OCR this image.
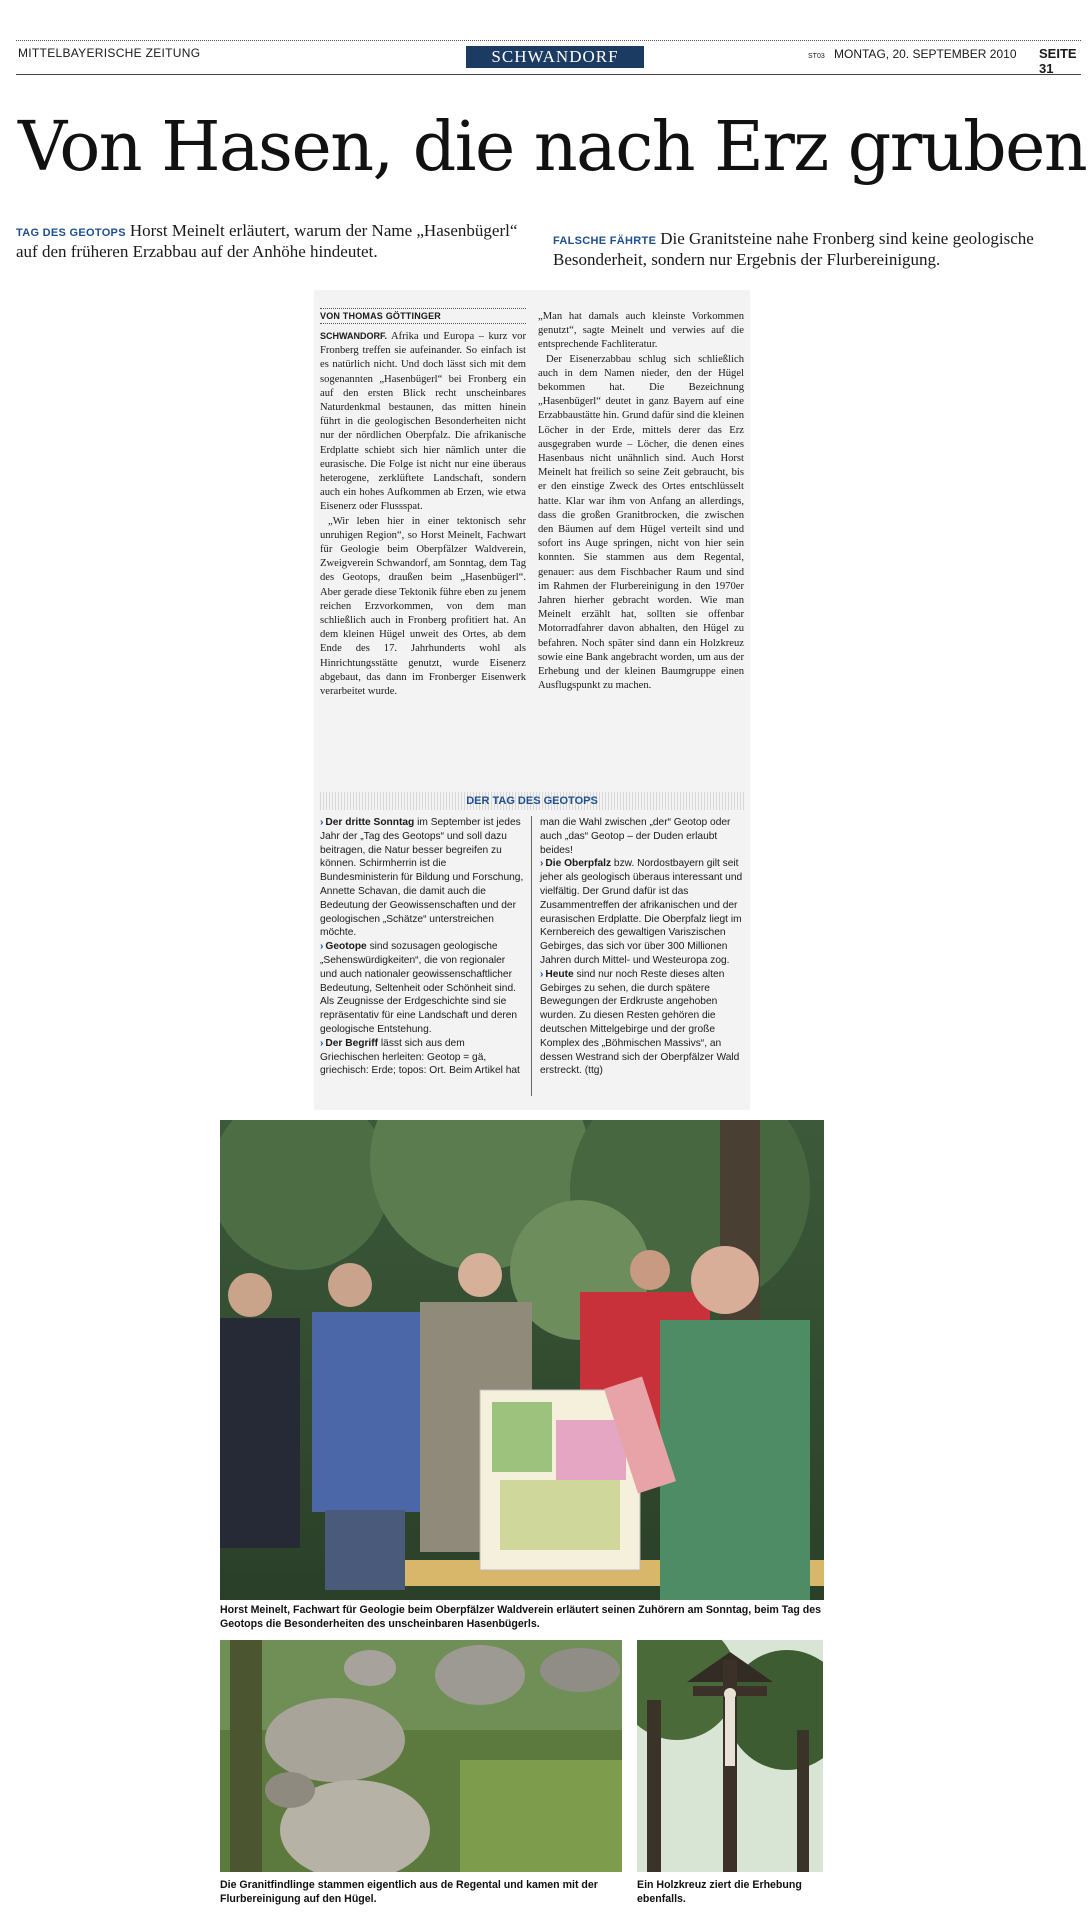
MITTELBAYERISCHE ZEITUNG	SCHWANDORF	ST03 MONTAG, 20. SEPTEMBER 2010 SEITE 31
Von Hasen, die nach Erz gruben
TAG DES GEOTOPS Horst Meinelt erläutert, warum der Name „Hasenbügerl“ auf den früheren Erzabbau auf der Anhöhe hindeutet.
FALSCHE FÄHRTE Die Granitsteine nahe Fronberg sind keine geologische Besonderheit, sondern nur Ergebnis der Flurbereinigung.
VON THOMAS GÖTTINGER

SCHWANDORF. Afrika und Europa – kurz vor Fronberg treffen sie aufeinander. So einfach ist es natürlich nicht. Und doch lässt sich mit dem sogenannten „Hasenbügerl“ bei Fronberg ein auf den ersten Blick recht unscheinbares Naturdenkmal bestaunen, das mitten hinein führt in die geologischen Besonderheiten nicht nur der nördlichen Oberpfalz. Die afrikanische Erdplatte schiebt sich hier nämlich unter die eurasische. Die Folge ist nicht nur eine überaus heterogene, zerklüftete Landschaft, sondern auch ein hohes Aufkommen ab Erzen, wie etwa Eisenerz oder Flussspat.

„Wir leben hier in einer tektonisch sehr unruhigen Region“, so Horst Meinelt, Fachwart für Geologie beim Oberpfälzer Waldverein, Zweigverein Schwandorf, am Sonntag, dem Tag des Geotops, draußen beim „Hasenbügerl“. Aber gerade diese Tektonik führe eben zu jenem reichen Erzvorkommen, von dem man schließlich auch in Fronberg profitiert hat. An dem kleinen Hügel unweit des Ortes, ab dem Ende des 17. Jahrhunderts wohl als Hinrichtungsstätte genutzt, wurde Eisenerz abgebaut, das dann im Fronberger Eisenwerk verarbeitet wurde.

„Man hat damals auch kleinste Vorkommen genutzt“, sagte Meinelt und verwies auf die entsprechende Fachliteratur.

Der Eisenerzabbau schlug sich schließlich auch in dem Namen nieder, den der Hügel bekommen hat. Die Bezeichnung „Hasenbügerl“ deutet in ganz Bayern auf eine Erzabbaustätte hin. Grund dafür sind die kleinen Löcher in der Erde, mittels derer das Erz ausgegraben wurde – Löcher, die denen eines Hasenbaus nicht unähnlich sind. Auch Horst Meinelt hat freilich so seine Zeit gebraucht, bis er den einstige Zweck des Ortes entschlüsselt hatte. Klar war ihm von Anfang an allerdings, dass die großen Granitbrocken, die zwischen den Bäumen auf dem Hügel verteilt sind und sofort ins Auge springen, nicht von hier sein konnten. Sie stammen aus dem Regental, genauer: aus dem Fischbacher Raum und sind im Rahmen der Flurbereinigung in den 1970er Jahren hierher gebracht worden. Wie man Meinelt erzählt hat, sollten sie offenbar Motorradfahrer davon abhalten, den Hügel zu befahren. Noch später sind dann ein Holzkreuz sowie eine Bank angebracht worden, um aus der Erhebung und der kleinen Baumgruppe einen Ausflugspunkt zu machen.

DER TAG DES GEOTOPS
› Der dritte Sonntag im September ist jedes Jahr der „Tag des Geotops“ und soll dazu beitragen, die Natur besser begreifen zu können. Schirmherrin ist die Bundesministerin für Bildung und Forschung, Annette Schavan, die damit auch die Bedeutung der Geowissenschaften und der geologischen „Schätze“ unterstreichen möchte.
› Geotope sind sozusagen geologische „Sehenswürdigkeiten“, die von regionaler und auch nationaler geowissenschaftlicher Bedeutung, Seltenheit oder Schönheit sind. Als Zeugnisse der Erdgeschichte sind sie repräsentativ für eine Landschaft und deren geologische Entstehung.
› Der Begriff lässt sich aus dem Griechischen herleiten: Geotop = gä, griechisch: Erde; topos: Ort. Beim Artikel hat
man die Wahl zwischen „der“ Geotop oder auch „das“ Geotop – der Duden erlaubt beides!
› Die Oberpfalz bzw. Nordostbayern gilt seit jeher als geologisch überaus interessant und vielfältig. Der Grund dafür ist das Zusammentreffen der afrikanischen und der eurasischen Erdplatte. Die Oberpfalz liegt im Kernbereich des gewaltigen Variszischen Gebirges, das sich vor über 300 Millionen Jahren durch Mittel- und Westeuropa zog.
› Heute sind nur noch Reste dieses alten Gebirges zu sehen, die durch spätere Bewegungen der Erdkruste angehoben wurden. Zu diesen Resten gehören die deutschen Mittelgebirge und der große Komplex des „Böhmischen Massivs“, an dessen Westrand sich der Oberpfälzer Wald erstreckt. (ttg)
Horst Meinelt, Fachwart für Geologie beim Oberpfälzer Waldverein erläutert seinen Zuhörern am Sonntag, beim Tag des Geotops die Besonderheiten des unscheinbaren Hasenbügerls.
Die Granitfindlinge stammen eigentlich aus de Regental und kamen mit der Flurbereinigung auf den Hügel.
Ein Holzkreuz ziert die Erhebung ebenfalls.
